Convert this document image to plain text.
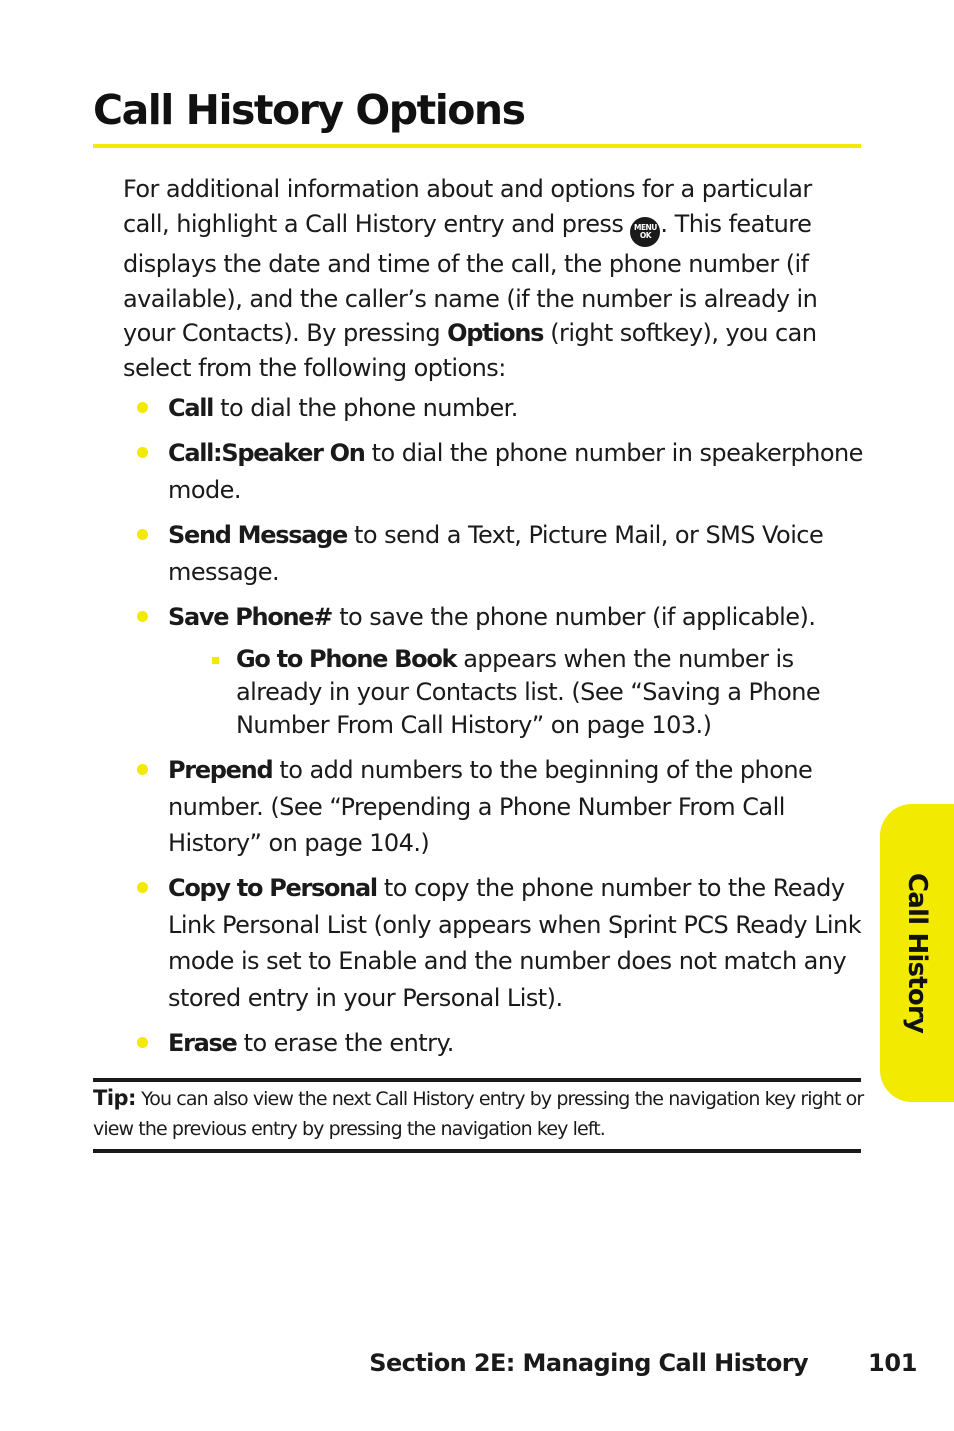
Call History Options

For additional information about and options for a particular call, highlight a Call History entry and press MENU
OK . This feature displays the date and time of the call, the phone number (if available), and the caller’s name (if the number is already in your Contacts). By pressing Options (right softkey), you can select from the following options:

Call to dial the phone number.
Call:Speaker On to dial the phone number in speakerphone mode.
Send Message to send a Text, Picture Mail, or SMS Voice message.
Save Phone# to save the phone number (if applicable).
Go to Phone Book appears when the number is already in your Contacts list. (See “Saving a Phone Number From Call History” on page 103.)
Prepend to add numbers to the beginning of the phone number. (See “Prepending a Phone Number From Call History” on page 104.)
Copy to Personal to copy the phone number to the Ready Link Personal List (only appears when Sprint PCS Ready Link mode is set to Enable and the number does not match any stored entry in your Personal List).
Erase to erase the entry.
Tip: You can also view the next Call History entry by pressing the navigation key right or view the previous entry by pressing the navigation key left.
Call History
Section 2E: Managing Call History	101
